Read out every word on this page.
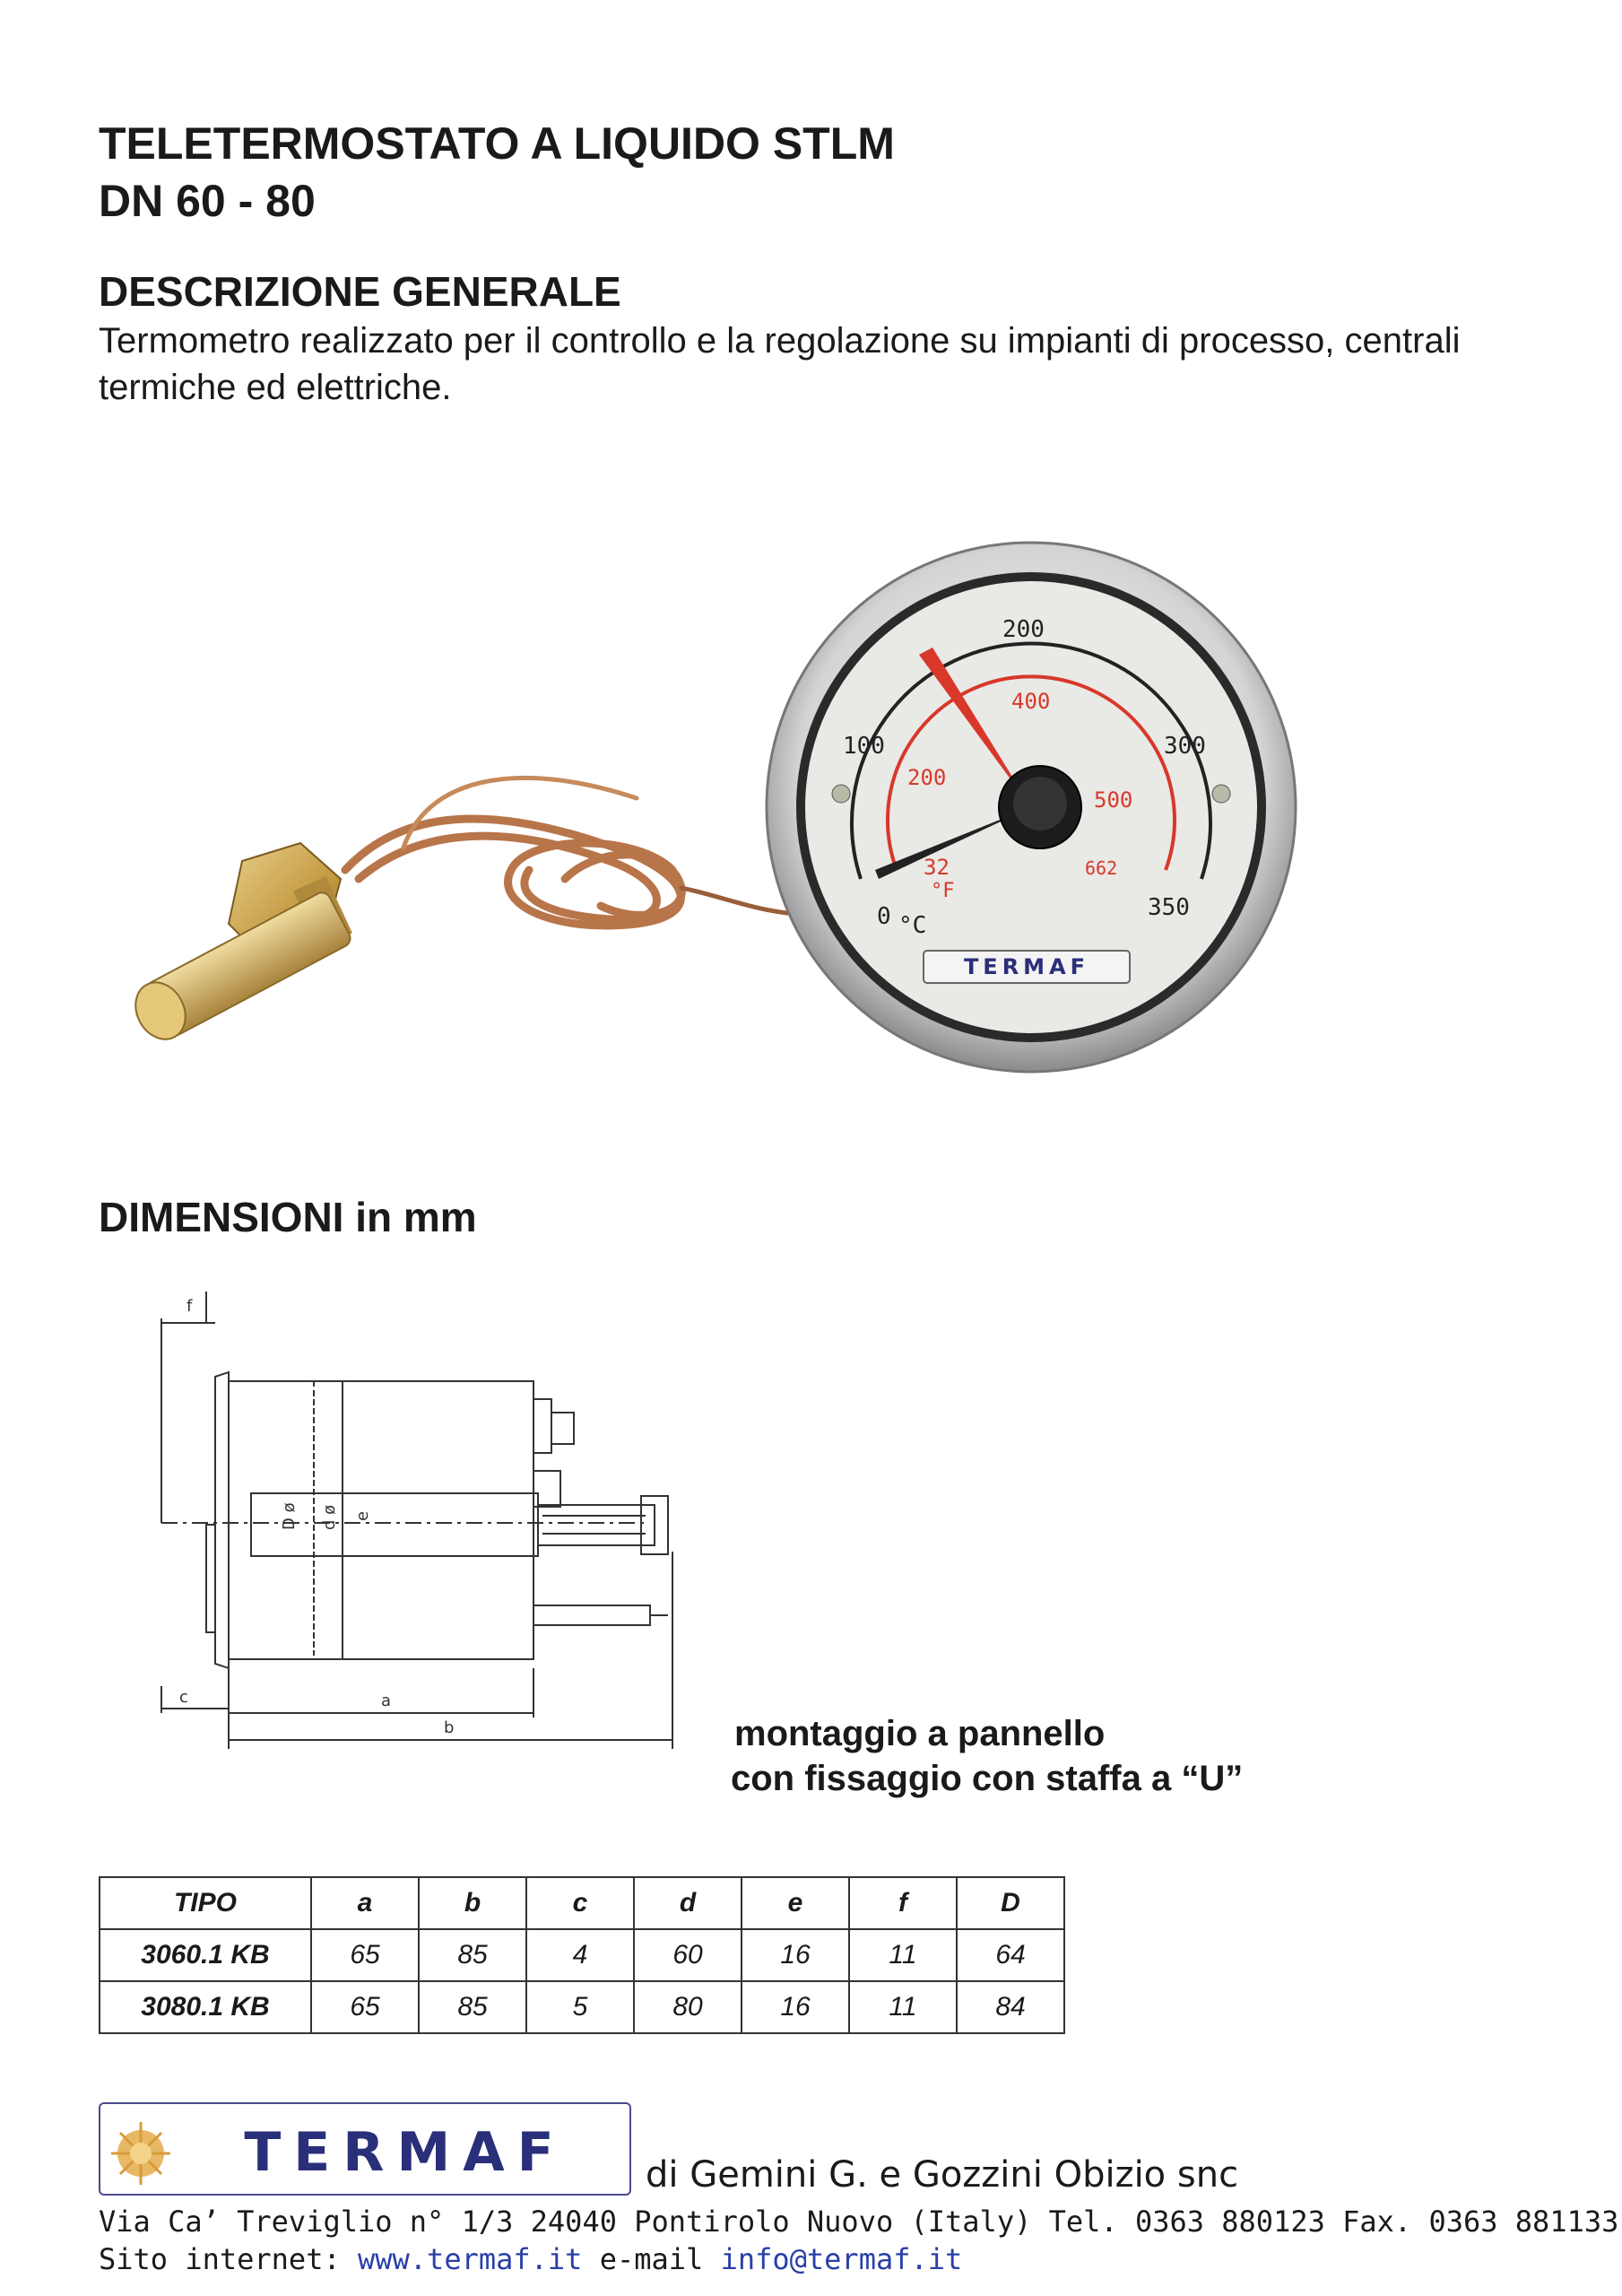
TELETERMOSTATO A LIQUIDO STLM
DN 60 - 80
DESCRIZIONE GENERALE
Termometro realizzato per il controllo e la regolazione su impianti di processo, centrali termiche ed elettriche.
0
100
200
300
350
°C
32
200
400
500
662
°F
TERMAF
DIMENSIONI in mm
f
c	a
b
D ø d ø e
montaggio a pannello
con fissaggio con staffa a “U”
TIPO	a	b	c	d	e	f	D
3060.1 KB	65	85	4	60	16	11	64
3080.1 KB	65	85	5	80	16	11	84
TERMAF di Gemini G. e Gozzini Obizio snc
Via Ca’ Treviglio n° 1/3 24040 Pontirolo Nuovo (Italy) Tel. 0363 880123 Fax. 0363 881133
Sito internet: www.termaf.it e-mail info@termaf.it
